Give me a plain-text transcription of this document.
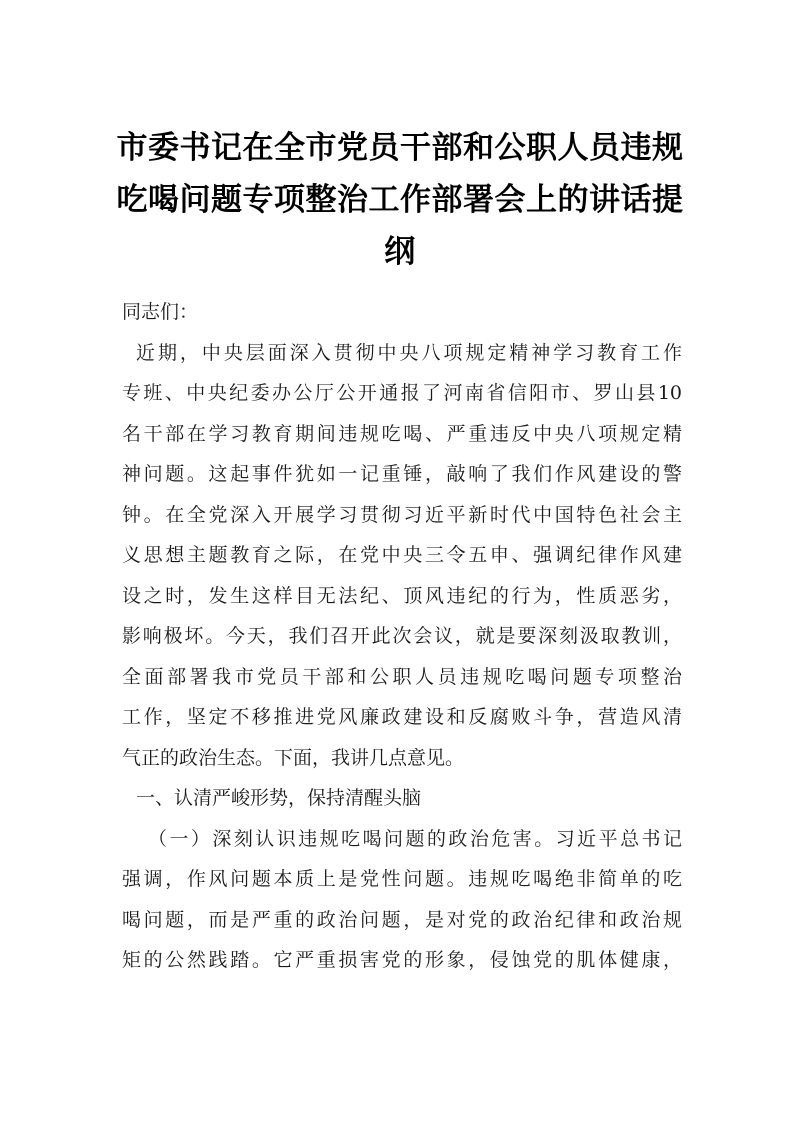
市委书记在全市党员干部和公职人员违规
吃喝问题专项整治工作部署会上的讲话提
纲
同志们：
近期，中央层面深入贯彻中央八项规定精神学习教育工作
专班、中央纪委办公厅公开通报了河南省信阳市、罗山县10
名干部在学习教育期间违规吃喝、严重违反中央八项规定精
神问题。这起事件犹如一记重锤，敲响了我们作风建设的警
钟。在全党深入开展学习贯彻习近平新时代中国特色社会主
义思想主题教育之际，在党中央三令五申、强调纪律作风建
设之时，发生这样目无法纪、顶风违纪的行为，性质恶劣，
影响极坏。今天，我们召开此次会议，就是要深刻汲取教训，
全面部署我市党员干部和公职人员违规吃喝问题专项整治
工作，坚定不移推进党风廉政建设和反腐败斗争，营造风清
气正的政治生态。下面，我讲几点意见。
一、认清严峻形势，保持清醒头脑
（一）深刻认识违规吃喝问题的政治危害。习近平总书记
强调，作风问题本质上是党性问题。违规吃喝绝非简单的吃
喝问题，而是严重的政治问题，是对党的政治纪律和政治规
矩的公然践踏。它严重损害党的形象，侵蚀党的肌体健康，
